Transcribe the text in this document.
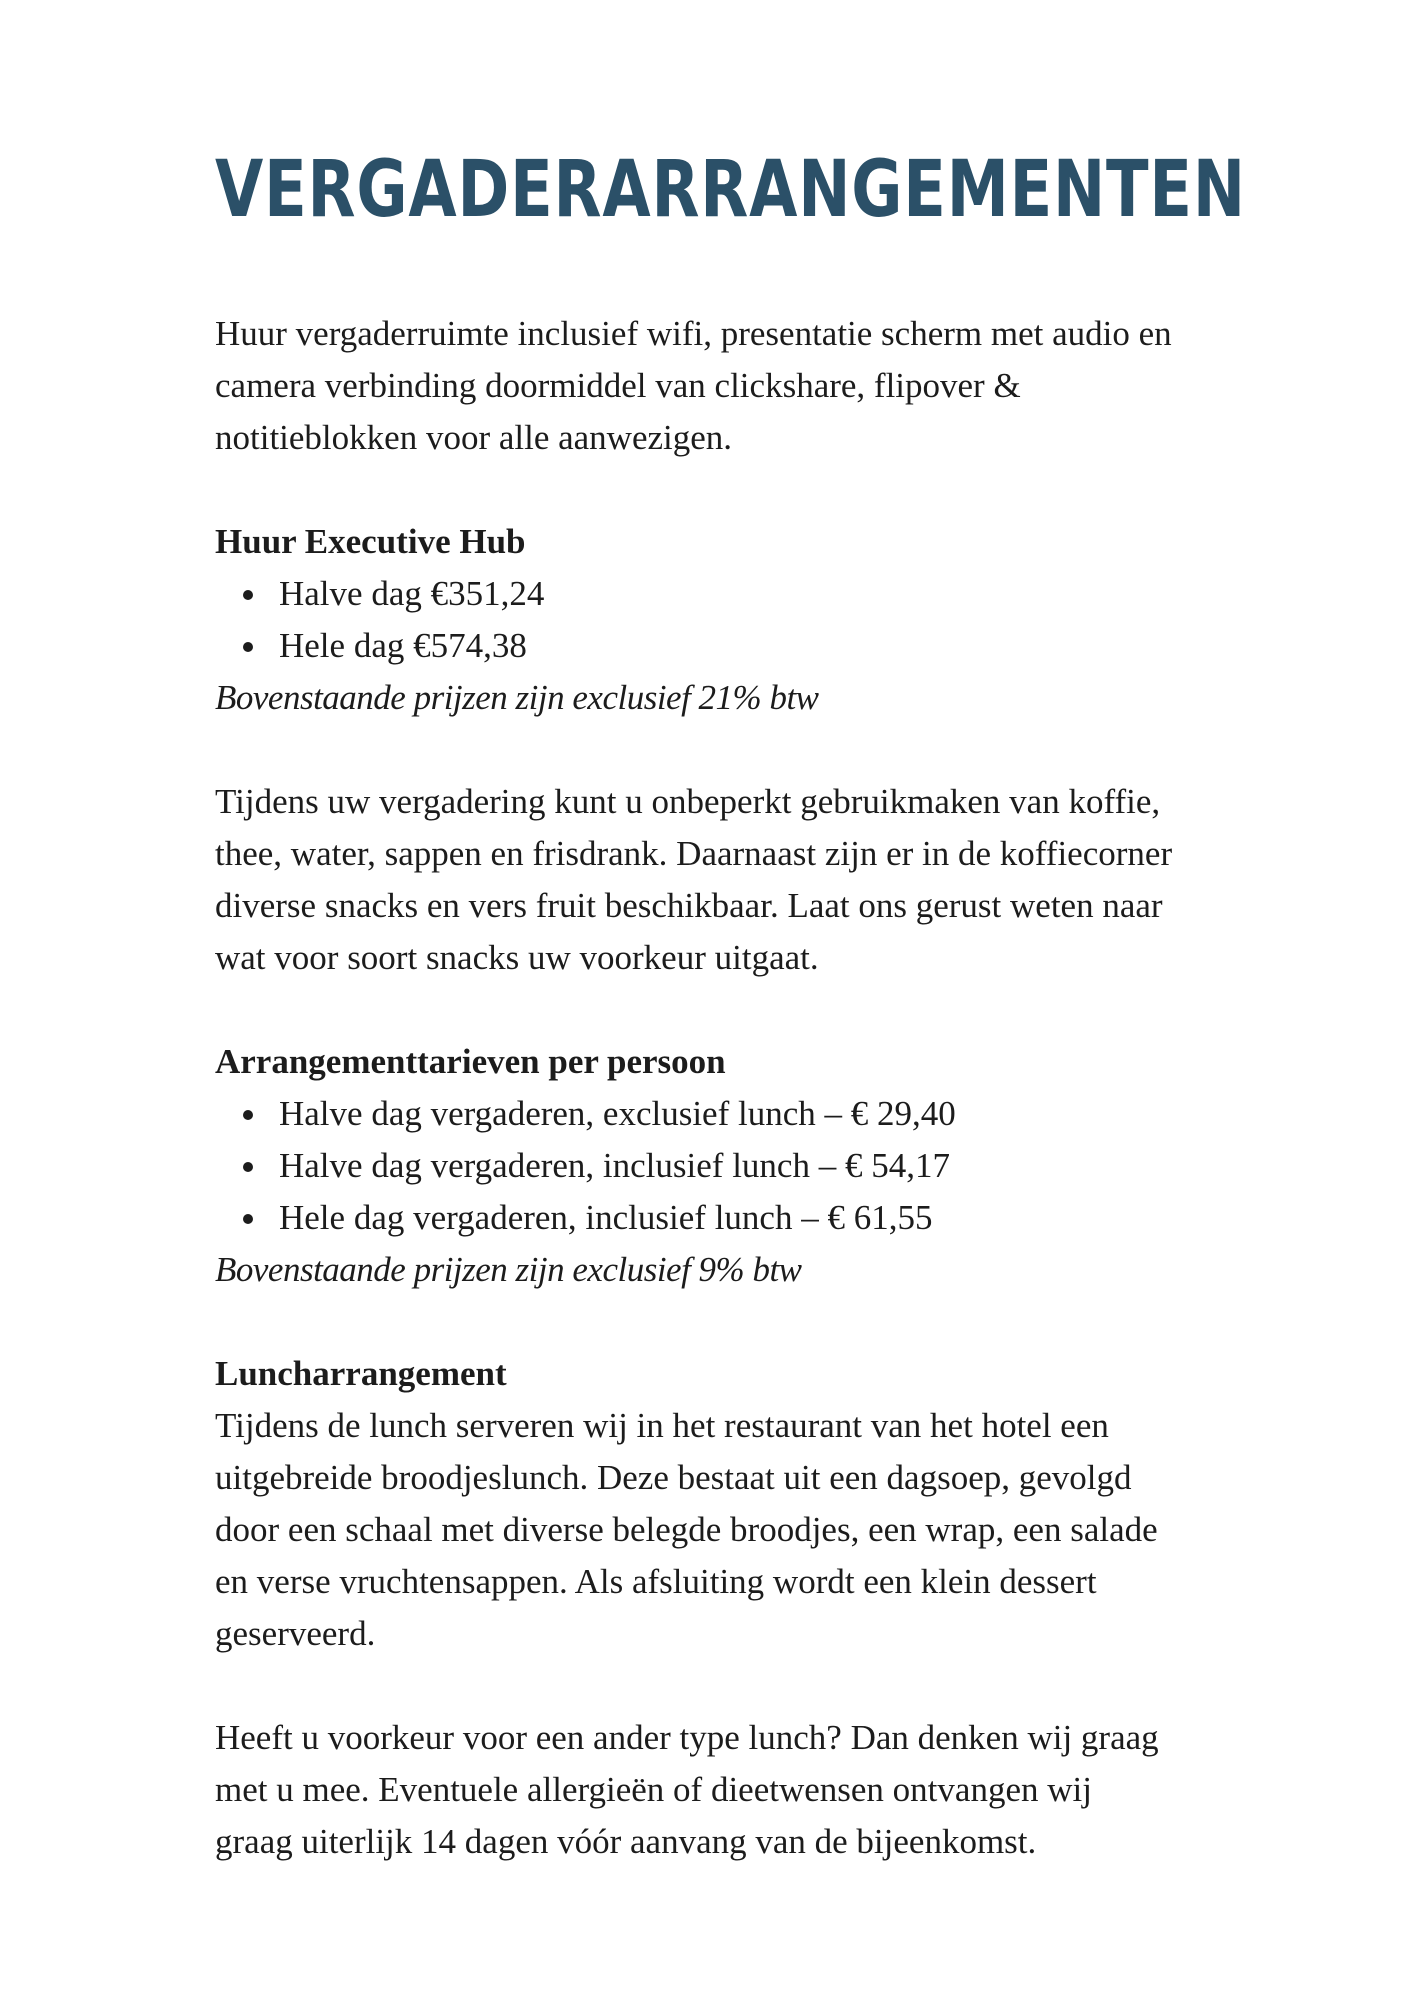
VERGADERARRANGEMENTEN

Huur vergaderruimte inclusief wifi, presentatie scherm met audio en camera verbinding doormiddel van clickshare, flipover & notitieblokken voor alle aanwezigen.

Huur Executive Hub

Halve dag €351,24
Hele dag €574,38

Bovenstaande prijzen zijn exclusief 21% btw

Tijdens uw vergadering kunt u onbeperkt gebruikmaken van koffie, thee, water, sappen en frisdrank. Daarnaast zijn er in de koffiecorner diverse snacks en vers fruit beschikbaar. Laat ons gerust weten naar wat voor soort snacks uw voorkeur uitgaat.

Arrangementtarieven per persoon

Halve dag vergaderen, exclusief lunch – € 29,40
Halve dag vergaderen, inclusief lunch – € 54,17
Hele dag vergaderen, inclusief lunch – € 61,55

Bovenstaande prijzen zijn exclusief 9% btw

Luncharrangement

Tijdens de lunch serveren wij in het restaurant van het hotel een uitgebreide broodjeslunch. Deze bestaat uit een dagsoep, gevolgd door een schaal met diverse belegde broodjes, een wrap, een salade en verse vruchtensappen. Als afsluiting wordt een klein dessert geserveerd.

Heeft u voorkeur voor een ander type lunch? Dan denken wij graag met u mee. Eventuele allergieën of dieetwensen ontvangen wij graag uiterlijk 14 dagen vóór aanvang van de bijeenkomst.
